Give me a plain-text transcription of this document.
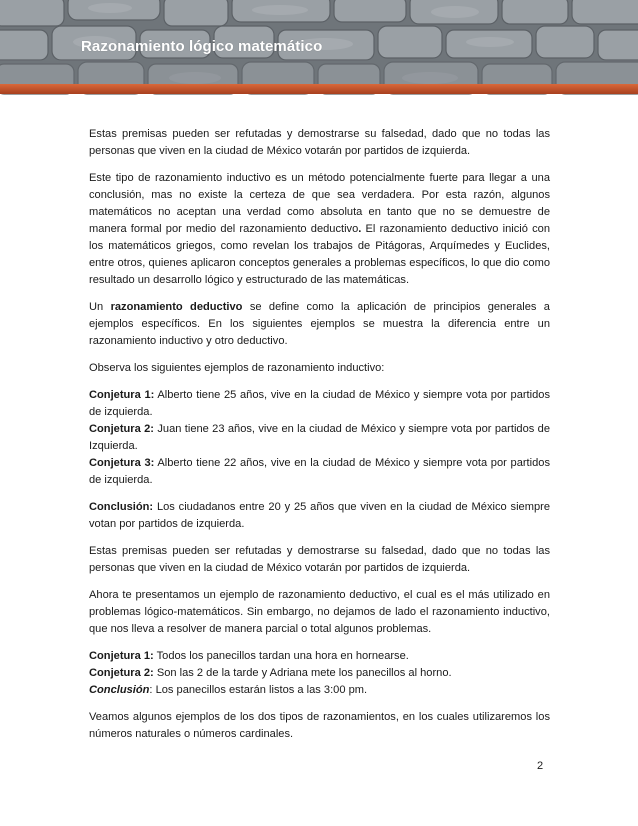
Razonamiento lógico matemático

Estas premisas pueden ser refutadas y demostrarse su falsedad, dado que no todas las personas que viven en la ciudad de México votarán por partidos de izquierda.

Este tipo de razonamiento inductivo es un método potencialmente fuerte para llegar a una conclusión, mas no existe la certeza de que sea verdadera. Por esta razón, algunos matemáticos no aceptan una verdad como absoluta en tanto que no se demuestre de manera formal por medio del razonamiento deductivo. El razonamiento deductivo inició con los matemáticos griegos, como revelan los trabajos de Pitágoras, Arquímedes y Euclides, entre otros, quienes aplicaron conceptos generales a problemas específicos, lo que dio como resultado un desarrollo lógico y estructurado de las matemáticas.

Un razonamiento deductivo se define como la aplicación de principios generales a ejemplos específicos. En los siguientes ejemplos se muestra la diferencia entre un razonamiento inductivo y otro deductivo.

Observa los siguientes ejemplos de razonamiento inductivo:

Conjetura 1: Alberto tiene 25 años, vive en la ciudad de México y siempre vota por partidos de izquierda.

Conjetura 2: Juan tiene 23 años, vive en la ciudad de México y siempre vota por partidos de Izquierda.

Conjetura 3: Alberto tiene 22 años, vive en la ciudad de México y siempre vota por partidos de izquierda.

Conclusión: Los ciudadanos entre 20 y 25 años que viven en la ciudad de México siempre votan por partidos de izquierda.

Estas premisas pueden ser refutadas y demostrarse su falsedad, dado que no todas las personas que viven en la ciudad de México votarán por partidos de izquierda.

Ahora te presentamos un ejemplo de razonamiento deductivo, el cual es el más utilizado en problemas lógico-matemáticos. Sin embargo, no dejamos de lado el razonamiento inductivo, que nos lleva a resolver de manera parcial o total algunos problemas.

Conjetura 1: Todos los panecillos tardan una hora en hornearse.

Conjetura 2: Son las 2 de la tarde y Adriana mete los panecillos al horno.

Conclusión: Los panecillos estarán listos a las 3:00 pm.

Veamos algunos ejemplos de los dos tipos de razonamientos, en los cuales utilizaremos los números naturales o números cardinales.

2
